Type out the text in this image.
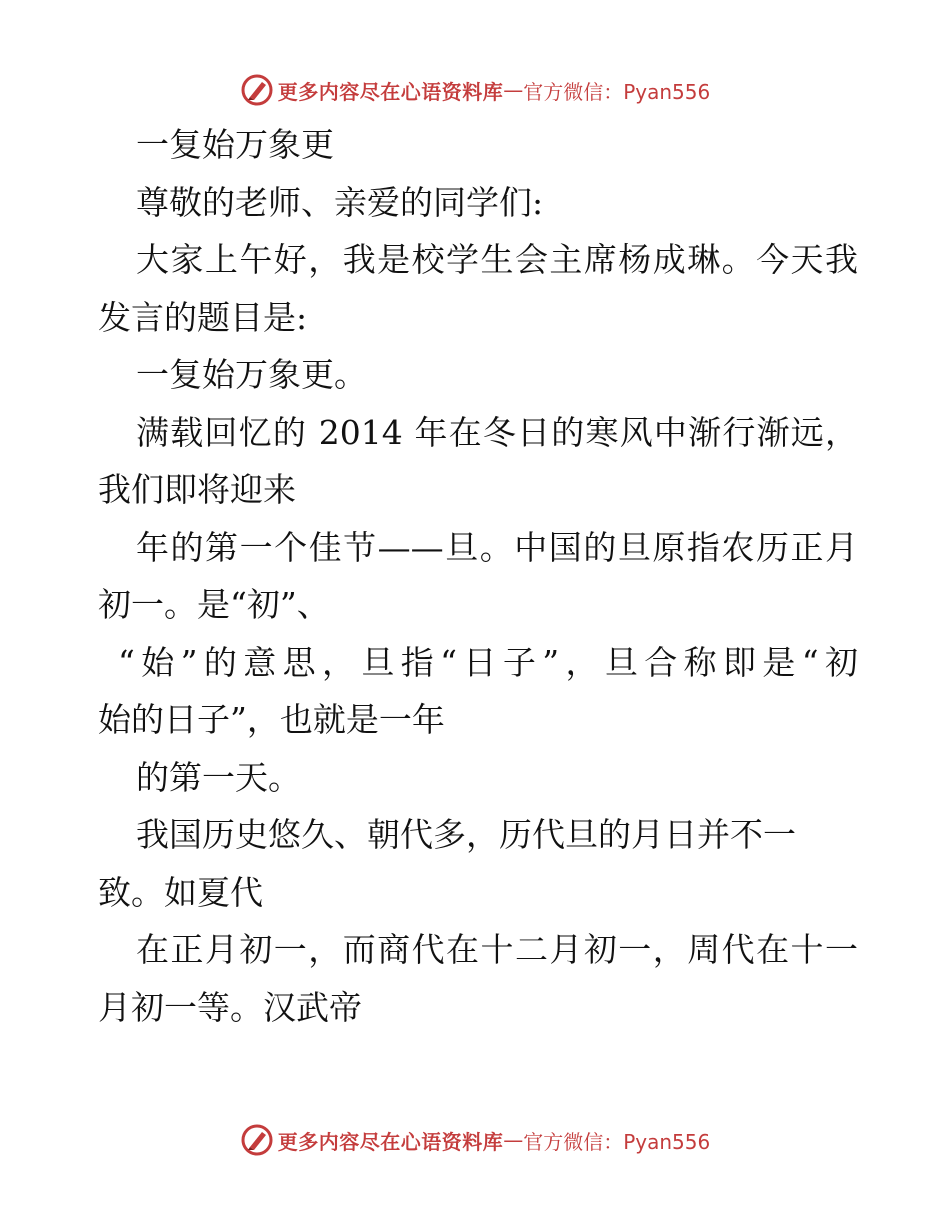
更多内容尽在心语资料库 — 官方微信：Pyan556
一复始万象更
尊敬的老师、亲爱的同学们:
大家上午好，我是校学生会主席杨成琳。今天我
发言的题目是:
一复始万象更。
满载回忆的 2014 年在冬日的寒风中渐行渐远，
我们即将迎来
年的第一个佳节——旦。中国的旦原指农历正月
初一。是“初”、
“始”的意思，旦指“日子”，旦合称即是“初
始的日子”，也就是一年
的第一天。
我国历史悠久、朝代多，历代旦的月日并不一
致。如夏代
在正月初一，而商代在十二月初一，周代在十一
月初一等。汉武帝
更多内容尽在心语资料库 — 官方微信：Pyan556
